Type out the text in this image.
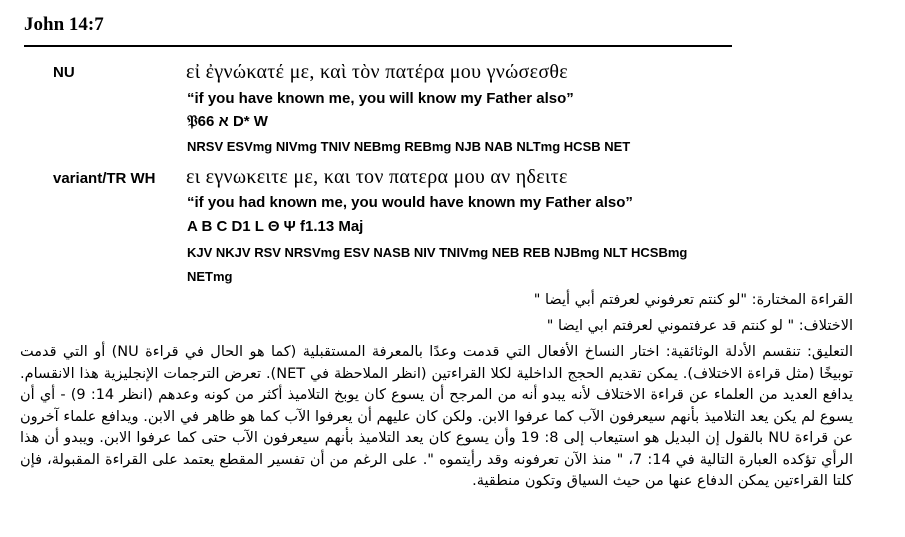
John 14:7
NU	εἰ ἐγνώκατέ με, καὶ τὸν πατέρα μου γνώσεσθε
“if you have known me, you will know my Father also”
𝔓66 א D* W
NRSV ESVmg NIVmg TNIV NEBmg REBmg NJB NAB NLTmg HCSB NET
variant/TR WH ει εγνωκειτε με, και τον πατερα μου αν ηδειτε
“if you had known me, you would have known my Father also”
A B C D1 L Θ Ψ f1.13 Maj
KJV NKJV RSV NRSVmg ESV NASB NIV TNIVmg NEB REB NJBmg NLT HCSBmg
NETmg
القراءة المختارة: "لو كنتم تعرفوني لعرفتم أبي أيضا "
الاختلاف: " لو كنتم قد عرفتموني لعرفتم ابي ايضا "

التعليق: تنقسم الأدلة الوثائقية: اختار النساخ الأفعال التي قدمت وعدًا بالمعرفة المستقبلية (كما هو الحال في قراءة NU) أو التي قدمت توبيخًا (مثل قراءة الاختلاف). يمكن تقديم الحجج الداخلية لكلا القراءتين (انظر الملاحظة في NET). تعرض الترجمات الإنجليزية هذا الانقسام. يدافع العديد من العلماء عن قراءة الاختلاف لأنه يبدو أنه من المرجح أن يسوع كان يوبخ التلاميذ أكثر من كونه وعدهم (انظر 14: 9) - أي أن يسوع لم يكن يعد التلاميذ بأنهم سيعرفون الآب كما عرفوا الابن. ولكن كان عليهم أن يعرفوا الآب كما هو ظاهر في الابن. ويدافع علماء آخرون عن قراءة NU بالقول إن البديل هو استيعاب إلى 8: 19 وأن يسوع كان يعد التلاميذ بأنهم سيعرفون الآب حتى كما عرفوا الابن. ويبدو أن هذا الرأي تؤكده العبارة التالية في 14: 7، " منذ الآن تعرفونه وقد رأيتموه ". على الرغم من أن تفسير المقطع يعتمد على القراءة المقبولة، فإن كلتا القراءتين يمكن الدفاع عنها من حيث السياق وتكون منطقية.
